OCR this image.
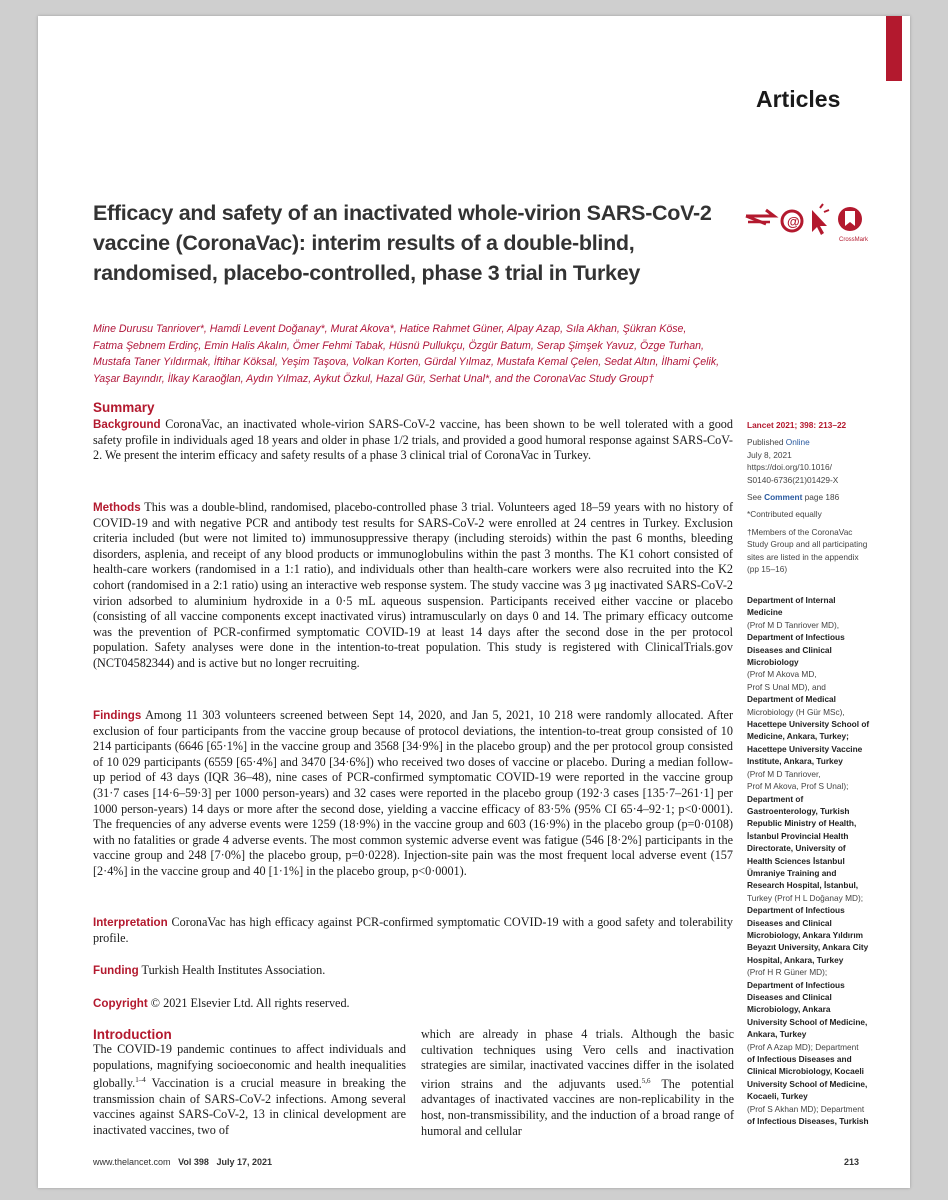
Articles
Efficacy and safety of an inactivated whole-virion SARS-CoV-2
vaccine (CoronaVac): interim results of a double-blind,
randomised, placebo-controlled, phase 3 trial in Turkey
@
CrossMark
Mine Durusu Tanriover*, Hamdi Levent Doğanay*, Murat Akova*, Hatice Rahmet Güner, Alpay Azap, Sıla Akhan, Şükran Köse,
Fatma Şebnem Erdinç, Emin Halis Akalın, Ömer Fehmi Tabak, Hüsnü Pullukçu, Özgür Batum, Serap Şimşek Yavuz, Özge Turhan,
Mustafa Taner Yıldırmak, İftihar Köksal, Yeşim Taşova, Volkan Korten, Gürdal Yılmaz, Mustafa Kemal Çelen, Sedat Altın, İlhami Çelik,
Yaşar Bayındır, İlkay Karaoğlan, Aydın Yılmaz, Aykut Özkul, Hazal Gür, Serhat Unal*, and the CoronaVac Study Group†
Summary
Background CoronaVac, an inactivated whole-virion SARS-CoV-2 vaccine, has been shown to be well tolerated with a good safety profile in individuals aged 18 years and older in phase 1/2 trials, and provided a good humoral response against SARS-CoV-2. We present the interim efficacy and safety results of a phase 3 clinical trial of CoronaVac in Turkey.
Methods This was a double-blind, randomised, placebo-controlled phase 3 trial. Volunteers aged 18–59 years with no history of COVID-19 and with negative PCR and antibody test results for SARS-CoV-2 were enrolled at 24 centres in Turkey. Exclusion criteria included (but were not limited to) immunosuppressive therapy (including steroids) within the past 6 months, bleeding disorders, asplenia, and receipt of any blood products or immunoglobulins within the past 3 months. The K1 cohort consisted of health-care workers (randomised in a 1:1 ratio), and individuals other than health-care workers were also recruited into the K2 cohort (randomised in a 2:1 ratio) using an interactive web response system. The study vaccine was 3 μg inactivated SARS-CoV-2 virion adsorbed to aluminium hydroxide in a 0·5 mL aqueous suspension. Participants received either vaccine or placebo (consisting of all vaccine components except inactivated virus) intramuscularly on days 0 and 14. The primary efficacy outcome was the prevention of PCR-confirmed symptomatic COVID-19 at least 14 days after the second dose in the per protocol population. Safety analyses were done in the intention-to-treat population. This study is registered with ClinicalTrials.gov (NCT04582344) and is active but no longer recruiting.
Findings Among 11 303 volunteers screened between Sept 14, 2020, and Jan 5, 2021, 10 218 were randomly allocated. After exclusion of four participants from the vaccine group because of protocol deviations, the intention-to-treat group consisted of 10 214 participants (6646 [65·1%] in the vaccine group and 3568 [34·9%] in the placebo group) and the per protocol group consisted of 10 029 participants (6559 [65·4%] and 3470 [34·6%]) who received two doses of vaccine or placebo. During a median follow-up period of 43 days (IQR 36–48), nine cases of PCR-confirmed symptomatic COVID-19 were reported in the vaccine group (31·7 cases [14·6–59·3] per 1000 person-years) and 32 cases were reported in the placebo group (192·3 cases [135·7–261·1] per 1000 person-years) 14 days or more after the second dose, yielding a vaccine efficacy of 83·5% (95% CI 65·4–92·1; p<0·0001). The frequencies of any adverse events were 1259 (18·9%) in the vaccine group and 603 (16·9%) in the placebo group (p=0·0108) with no fatalities or grade 4 adverse events. The most common systemic adverse event was fatigue (546 [8·2%] participants in the vaccine group and 248 [7·0%] the placebo group, p=0·0228). Injection-site pain was the most frequent local adverse event (157 [2·4%] in the vaccine group and 40 [1·1%] in the placebo group, p<0·0001).
Interpretation CoronaVac has high efficacy against PCR-confirmed symptomatic COVID-19 with a good safety and tolerability profile.
Funding Turkish Health Institutes Association.
Copyright © 2021 Elsevier Ltd. All rights reserved.
Introduction
The COVID-19 pandemic continues to affect individuals and populations, magnifying socioeconomic and health inequalities globally.$^{1-4}$ Vaccination is a crucial measure in breaking the transmission chain of SARS-CoV-2 infections. Among several vaccines against SARS-CoV-2, 13 in clinical development are inactivated vaccines, two of
which are already in phase 4 trials. Although the basic cultivation techniques using Vero cells and inactivation strategies are similar, inactivated vaccines differ in the isolated virion strains and the adjuvants used.$^{5,6}$ The potential advantages of inactivated vaccines are non-replicability in the host, non-transmissibility, and the induction of a broad range of humoral and cellular
Lancet 2021; 398: 213–22
Published Online
July 8, 2021
https://doi.org/10.1016/
S0140-6736(21)01429-X
See Comment page 186
*Contributed equally
†Members of the CoronaVac
Study Group and all participating
sites are listed in the appendix
(pp 15–16)
Department of Internal
Medicine
(Prof M D Tanriover MD),
Department of Infectious
Diseases and Clinical
Microbiology
(Prof M Akova MD,
Prof S Unal MD), and
Department of Medical
Microbiology (H Gür MSc),
Hacettepe University School of
Medicine, Ankara, Turkey;
Hacettepe University Vaccine
Institute, Ankara, Turkey
(Prof M D Tanriover,
Prof M Akova, Prof S Unal);
Department of
Gastroenterology, Turkish
Republic Ministry of Health,
İstanbul Provincial Health
Directorate, University of
Health Sciences İstanbul
Ümraniye Training and
Research Hospital, İstanbul,
Turkey (Prof H L Doğanay MD);
Department of Infectious
Diseases and Clinical
Microbiology, Ankara Yıldırım
Beyazıt University, Ankara City
Hospital, Ankara, Turkey
(Prof H R Güner MD);
Department of Infectious
Diseases and Clinical
Microbiology, Ankara
University School of Medicine,
Ankara, Turkey
(Prof A Azap MD); Department
of Infectious Diseases and
Clinical Microbiology, Kocaeli
University School of Medicine,
Kocaeli, Turkey
(Prof S Akhan MD); Department
of Infectious Diseases, Turkish
www.thelancet.com Vol 398 July 17, 2021	213
